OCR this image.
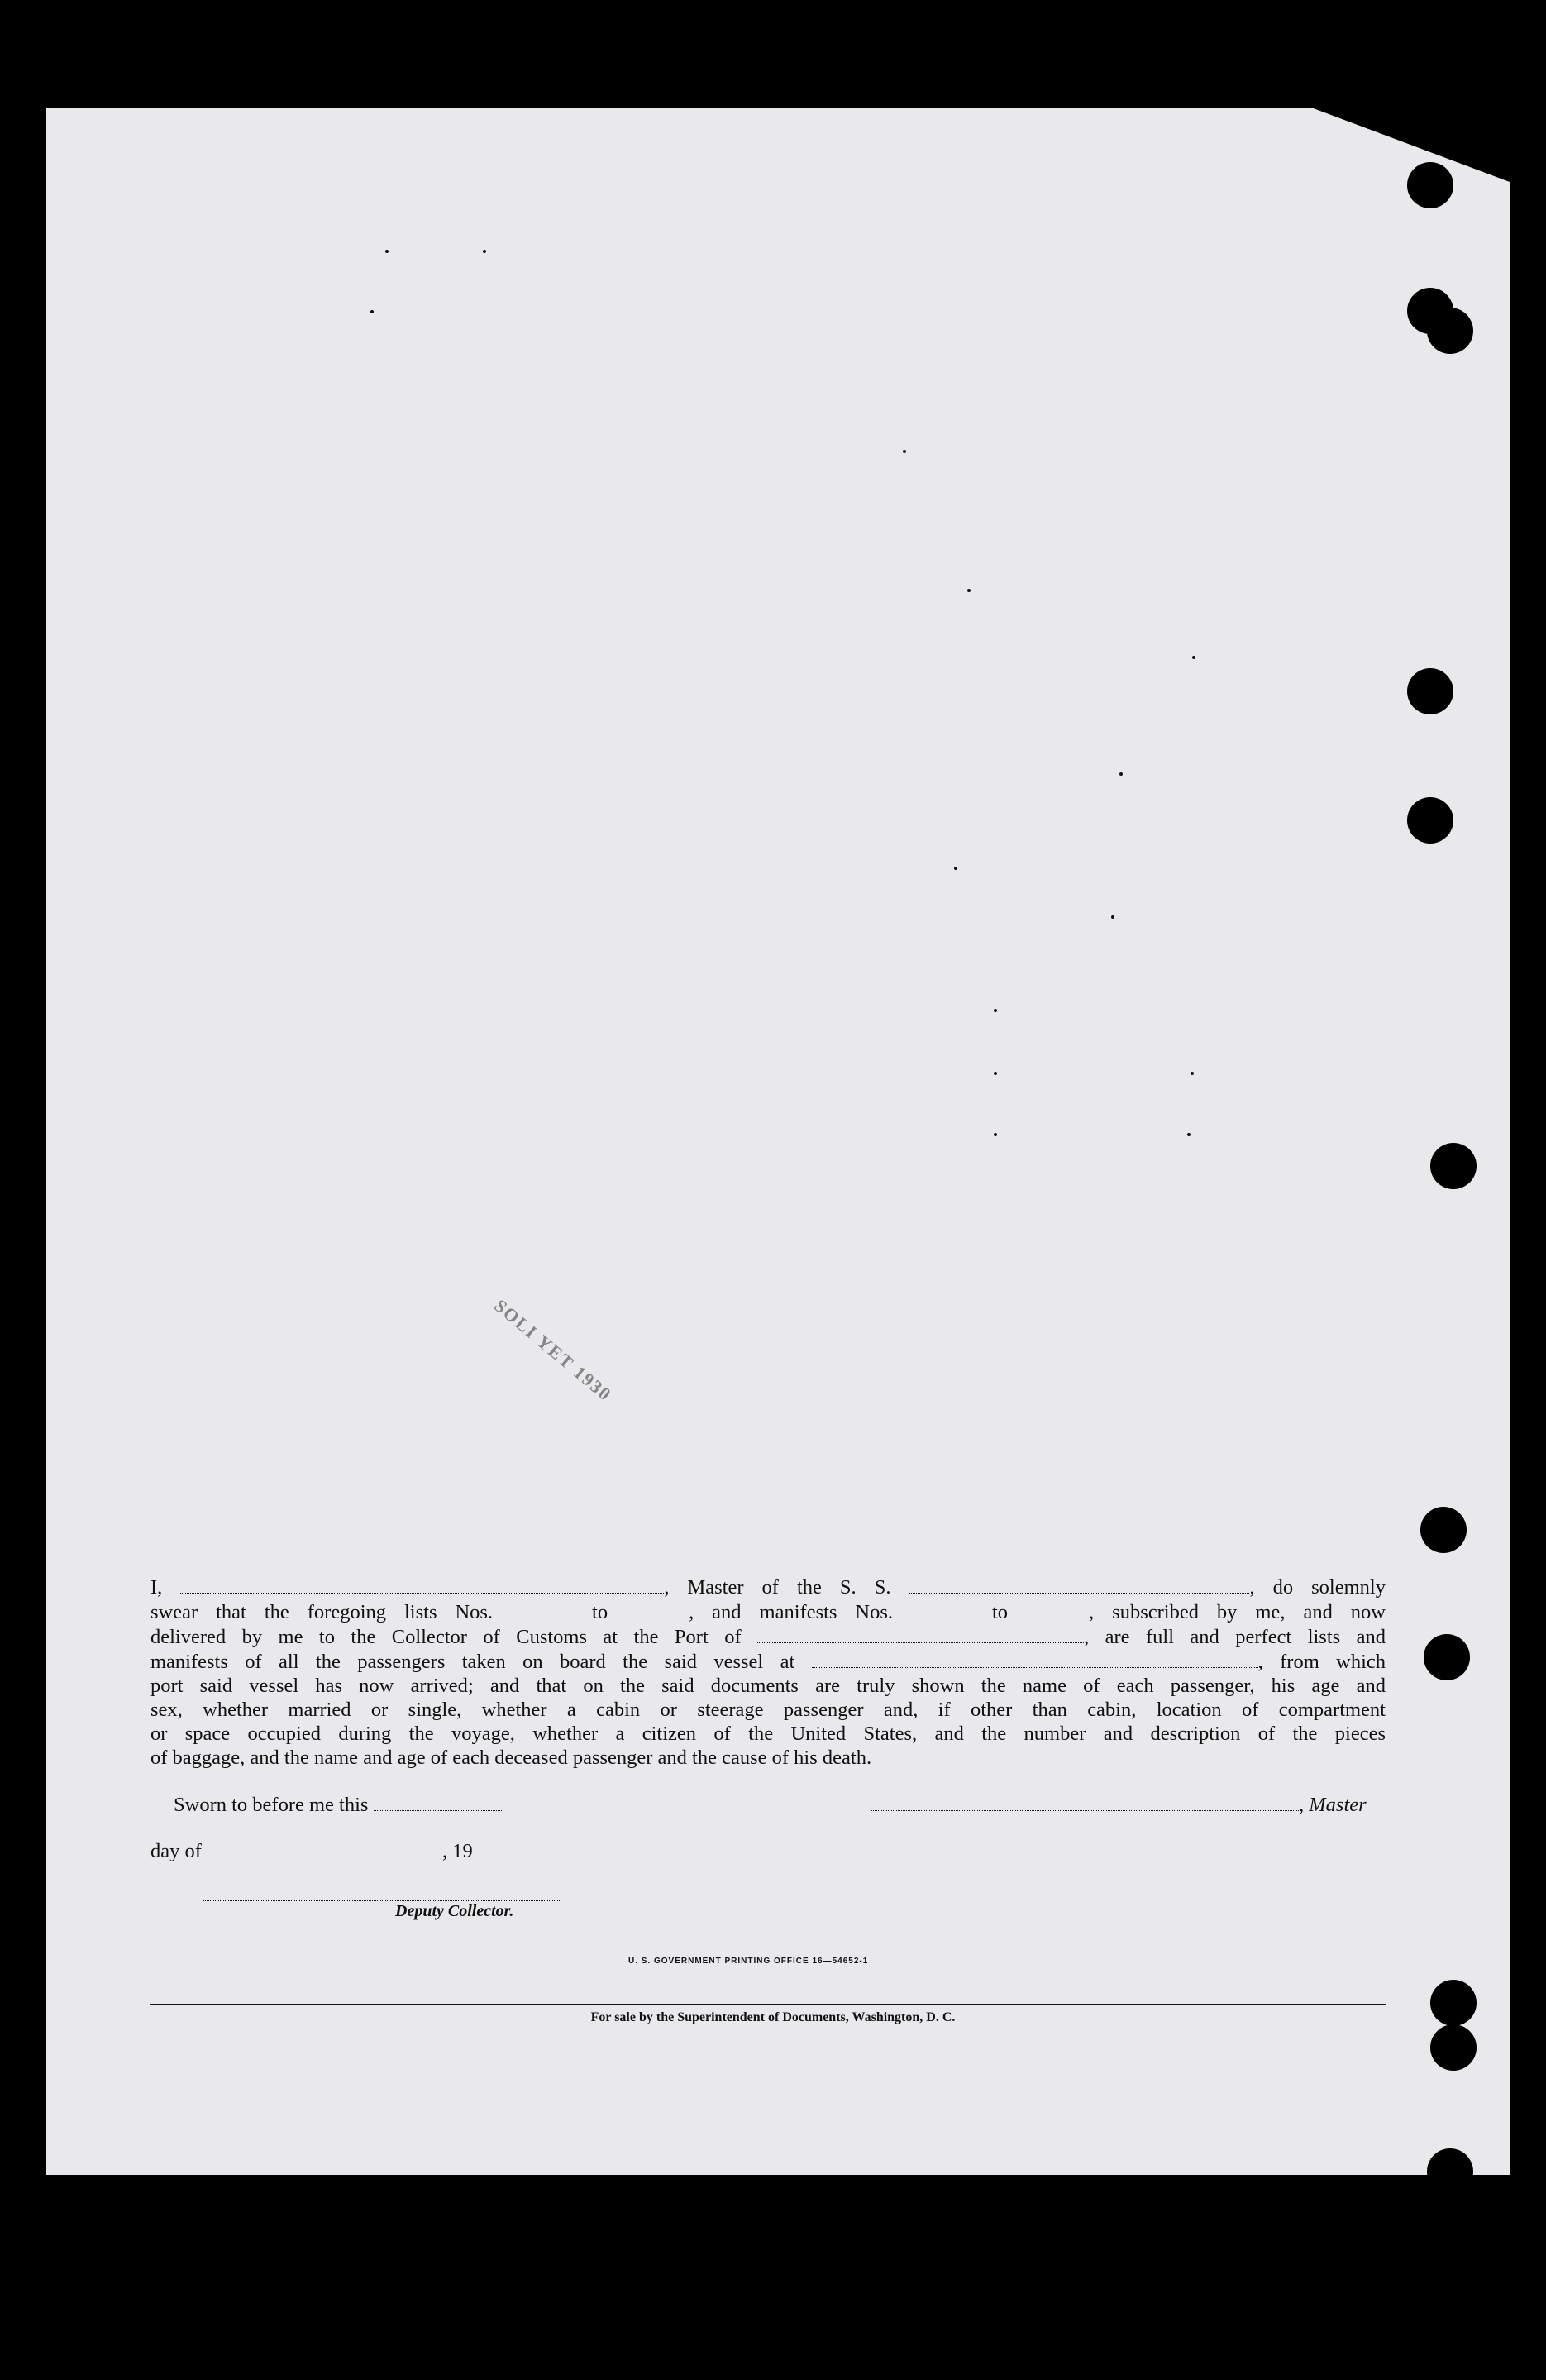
SOLI YET 1930

I,	, Master of the S. S.	, do solemnly

swear that the foregoing lists Nos.	to	, and manifests Nos.	to	, subscribed by me, and now

delivered by me to the Collector of Customs at the Port of	, are full and perfect lists and

manifests of all the passengers taken on board the said vessel at	, from which

port said vessel has now arrived; and that on the said documents are truly shown the name of each passenger, his age and

sex, whether married or single, whether a cabin or steerage passenger and, if other than cabin, location of compartment

or space occupied during the voyage, whether a citizen of the United States, and the number and description of the pieces

of baggage, and the name and age of each deceased passenger and the cause of his death.

Sworn to before me this	, Master
day of	, 19
Deputy Collector.
U. S. GOVERNMENT PRINTING OFFICE 16—54652-1
For sale by the Superintendent of Documents, Washington, D. C.
